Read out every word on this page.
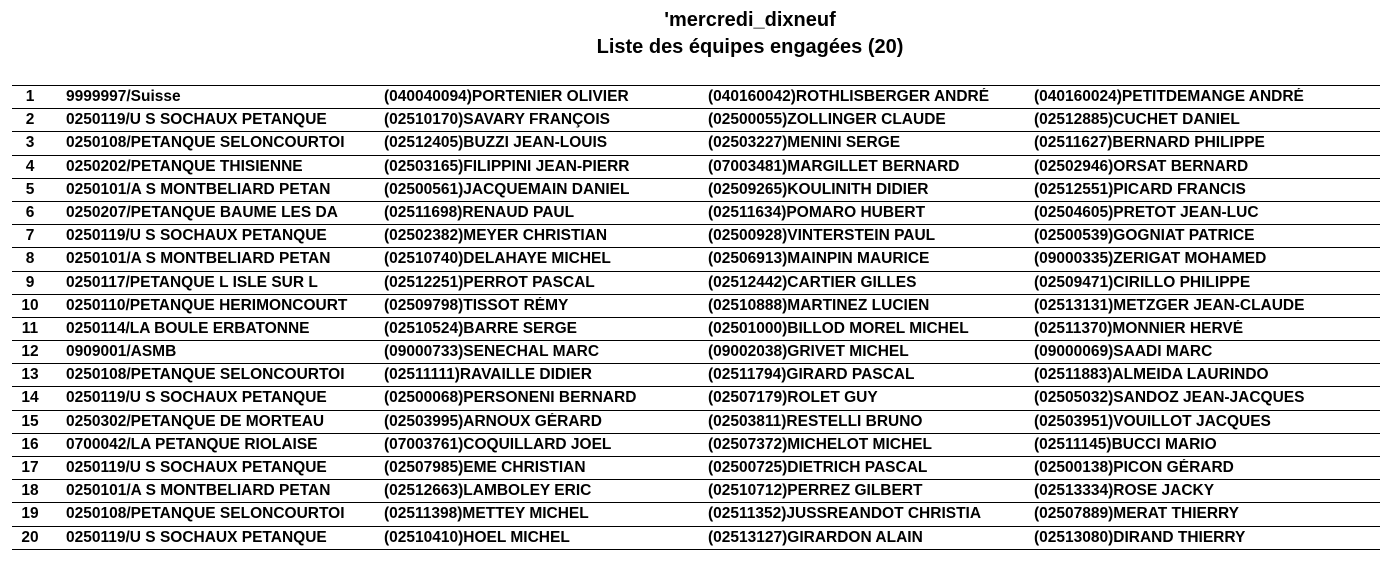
'mercredi_dixneuf
Liste des équipes engagées (20)
1	9999997/Suisse	(040040094)PORTENIER OLIVIER	(040160042)ROTHLISBERGER ANDRÉ	(040160024)PETITDEMANGE ANDRÉ
2	0250119/U S SOCHAUX PETANQUE	(02510170)SAVARY FRANÇOIS	(02500055)ZOLLINGER CLAUDE	(02512885)CUCHET DANIEL
3	0250108/PETANQUE SELONCOURTOI	(02512405)BUZZI JEAN-LOUIS	(02503227)MENINI SERGE	(02511627)BERNARD PHILIPPE
4	0250202/PETANQUE THISIENNE	(02503165)FILIPPINI JEAN-PIERR	(07003481)MARGILLET BERNARD	(02502946)ORSAT BERNARD
5	0250101/A S MONTBELIARD PETAN	(02500561)JACQUEMAIN DANIEL	(02509265)KOULINITH DIDIER	(02512551)PICARD FRANCIS
6	0250207/PETANQUE BAUME LES DA	(02511698)RENAUD PAUL	(02511634)POMARO HUBERT	(02504605)PRETOT JEAN-LUC
7	0250119/U S SOCHAUX PETANQUE	(02502382)MEYER CHRISTIAN	(02500928)VINTERSTEIN PAUL	(02500539)GOGNIAT PATRICE
8	0250101/A S MONTBELIARD PETAN	(02510740)DELAHAYE MICHEL	(02506913)MAINPIN MAURICE	(09000335)ZERIGAT MOHAMED
9	0250117/PETANQUE L ISLE SUR L	(02512251)PERROT PASCAL	(02512442)CARTIER GILLES	(02509471)CIRILLO PHILIPPE
10	0250110/PETANQUE HERIMONCOURT	(02509798)TISSOT RÉMY	(02510888)MARTINEZ LUCIEN	(02513131)METZGER JEAN-CLAUDE
11	0250114/LA BOULE ERBATONNE	(02510524)BARRE SERGE	(02501000)BILLOD MOREL MICHEL	(02511370)MONNIER HERVÉ
12	0909001/ASMB	(09000733)SENECHAL MARC	(09002038)GRIVET MICHEL	(09000069)SAADI MARC
13	0250108/PETANQUE SELONCOURTOI	(02511111)RAVAILLE DIDIER	(02511794)GIRARD PASCAL	(02511883)ALMEIDA LAURINDO
14	0250119/U S SOCHAUX PETANQUE	(02500068)PERSONENI BERNARD	(02507179)ROLET GUY	(02505032)SANDOZ JEAN-JACQUES
15	0250302/PETANQUE DE MORTEAU	(02503995)ARNOUX GÉRARD	(02503811)RESTELLI BRUNO	(02503951)VOUILLOT JACQUES
16	0700042/LA PETANQUE RIOLAISE	(07003761)COQUILLARD JOEL	(02507372)MICHELOT MICHEL	(02511145)BUCCI MARIO
17	0250119/U S SOCHAUX PETANQUE	(02507985)EME CHRISTIAN	(02500725)DIETRICH PASCAL	(02500138)PICON GÉRARD
18	0250101/A S MONTBELIARD PETAN	(02512663)LAMBOLEY ERIC	(02510712)PERREZ GILBERT	(02513334)ROSE JACKY
19	0250108/PETANQUE SELONCOURTOI	(02511398)METTEY MICHEL	(02511352)JUSSREANDOT CHRISTIA	(02507889)MERAT THIERRY
20	0250119/U S SOCHAUX PETANQUE	(02510410)HOEL MICHEL	(02513127)GIRARDON ALAIN	(02513080)DIRAND THIERRY
